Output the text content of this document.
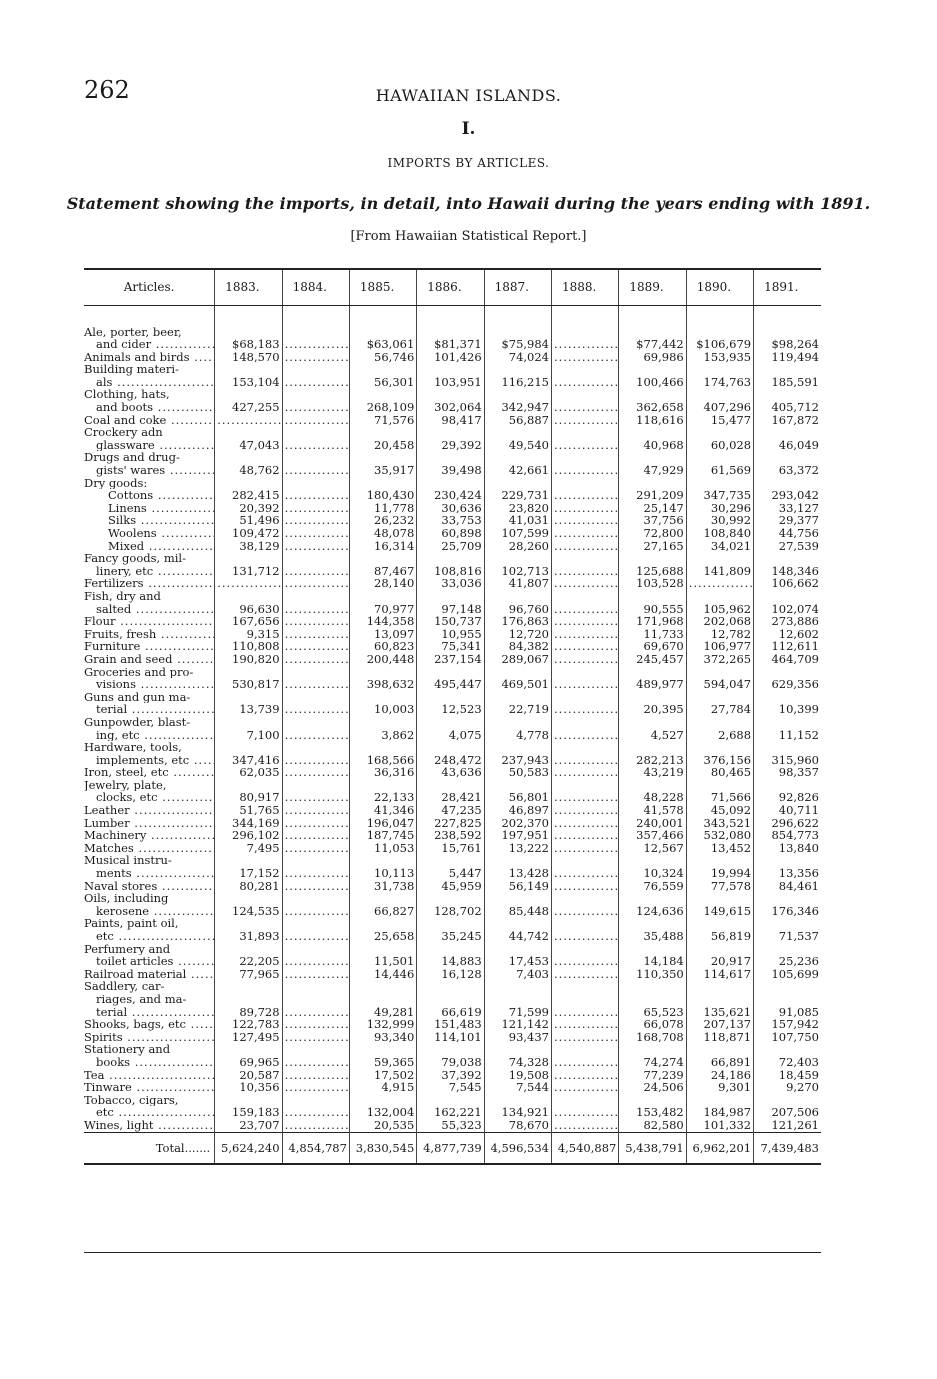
262	HAWAIIAN ISLANDS.
I.
IMPORTS BY ARTICLES.
Statement showing the imports, in detail, into Hawaii during the years ending with 1891.
[From Hawaiian Statistical Report.]
Articles.	1883.	1884.	1885.	1886.	1887.	1888.	1889.	1890.	1891.

Ale, porter, beer,
and cider .....	$68,183	.....	$63,061	$81,371	$75,984	.....	$77,442	$106,679	$98,264

Animals and birds .....	148,570	.....	56,746	101,426	74,024	.....	69,986	153,935	119,494

Building materi-
als .....	153,104	.....	56,301	103,951	116,215	.....	100,466	174,763	185,591

Clothing, hats,
and boots .....	427,255	.....	268,109	302,064	342,947	.....	362,658	407,296	405,712

Coal and coke .....
	.....	.....	71,576	98,417	56,887	.....	118,616	15,477	167,872

Crockery adn
glassware .....	47,043	.....	20,458	29,392	49,540	.....	40,968	60,028	46,049

Drugs and drug-
gists' wares .....	48,762	.....	35,917	39,498	42,661	.....	47,929	61,569	63,372

Dry goods:
Cottons .....	282,415	.....	180,430	230,424	229,731	.....	291,209	347,735	293,042

Linens .....	20,392	.....	11,778	30,636	23,820	.....	25,147	30,296	33,127

Silks .....	51,496	.....	26,232	33,753	41,031	.....	37,756	30,992	29,377

Woolens .....	109,472	.....	48,078	60,898	107,599	.....	72,800	108,840	44,756

Mixed .....	38,129	.....	16,314	25,709	28,260	.....	27,165	34,021	27,539

Fancy goods, mil-
linery, etc .....	131,712	.....	87,467	108,816	102,713	.....	125,688	141,809	148,346

Fertilizers .....
	.....	.....	28,140	33,036	41,807	.....	103,528	.....	106,662

Fish, dry and
salted .....	96,630	.....	70,977	97,148	96,760	.....	90,555	105,962	102,074

Flour .....	167,656	.....	144,358	150,737	176,863	.....	171,968	202,068	273,886

Fruits, fresh .....	9,315	.....	13,097	10,955	12,720	.....	11,733	12,782	12,602

Furniture .....	110,808	.....	60,823	75,341	84,382	.....	69,670	106,977	112,611

Grain and seed .....	190,820	.....	200,448	237,154	289,067	.....	245,457	372,265	464,709

Groceries and pro-
visions .....	530,817	.....	398,632	495,447	469,501	.....	489,977	594,047	629,356

Guns and gun ma-
terial .....	13,739	.....	10,003	12,523	22,719	.....	20,395	27,784	10,399

Gunpowder, blast-
ing, etc .....	7,100	.....	3,862	4,075	4,778	.....	4,527	2,688	11,152

Hardware, tools,
implements, etc .....	347,416	.....	168,566	248,472	237,943	.....	282,213	376,156	315,960

Iron, steel, etc .....	62,035	.....	36,316	43,636	50,583	.....	43,219	80,465	98,357

Jewelry, plate,
clocks, etc .....	80,917	.....	22,133	28,421	56,801	.....	48,228	71,566	92,826

Leather .....	51,765	.....	41,346	47,235	46,897	.....	41,578	45,092	40,711

Lumber .....	344,169	.....	196,047	227,825	202,370	.....	240,001	343,521	296,622

Machinery .....	296,102	.....	187,745	238,592	197,951	.....	357,466	532,080	854,773

Matches .....	7,495	.....	11,053	15,761	13,222	.....	12,567	13,452	13,840

Musical instru-
ments .....	17,152	.....	10,113	5,447	13,428	.....	10,324	19,994	13,356

Naval stores .....	80,281	.....	31,738	45,959	56,149	.....	76,559	77,578	84,461

Oils, including
kerosene .....	124,535	.....	66,827	128,702	85,448	.....	124,636	149,615	176,346

Paints, paint oil,
etc .....	31,893	.....	25,658	35,245	44,742	.....	35,488	56,819	71,537

Perfumery and
toilet articles .....	22,205	.....	11,501	14,883	17,453	.....	14,184	20,917	25,236

Railroad material .....	77,965	.....	14,446	16,128	7,403	.....	110,350	114,617	105,699

Saddlery, car-
riages, and ma-
terial .....	89,728	.....	49,281	66,619	71,599	.....	65,523	135,621	91,085

Shooks, bags, etc .....	122,783	.....	132,999	151,483	121,142	.....	66,078	207,137	157,942

Spirits .....	127,495	.....	93,340	114,101	93,437	.....	168,708	118,871	107,750

Stationery and
books .....	69,965	.....	59,365	79,038	74,328	.....	74,274	66,891	72,403

Tea .....	20,587	.....	17,502	37,392	19,508	.....	77,239	24,186	18,459

Tinware .....	10,356	.....	4,915	7,545	7,544	.....	24,506	9,301	9,270

Tobacco, cigars,
etc .....	159,183	.....	132,004	162,221	134,921	.....	153,482	184,987	207,506

Wines, light .....	23,707	.....	20,535	55,323	78,670	.....	82,580	101,332	121,261
Total.......	5,624,240	4,854,787	3,830,545	4,877,739	4,596,534	4,540,887	5,438,791	6,962,201	7,439,483
